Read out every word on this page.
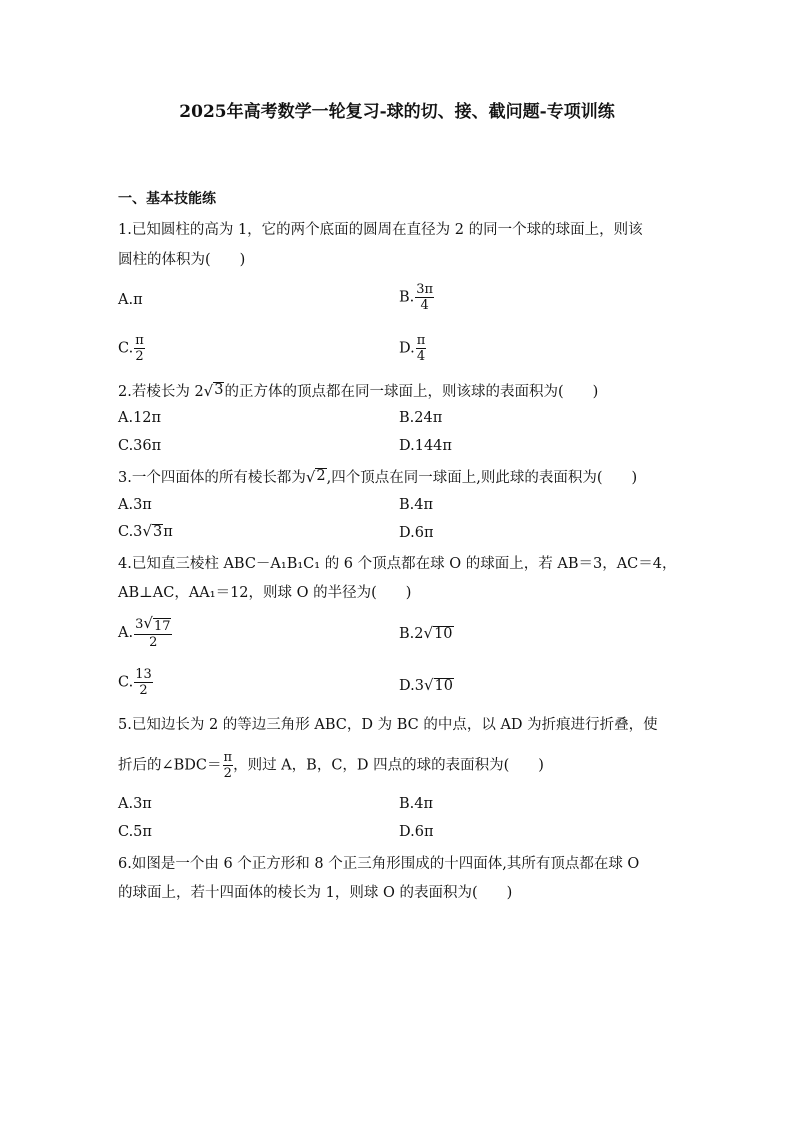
2025年高考数学一轮复习-球的切、接、截问题-专项训练
一、基本技能练
1.已知圆柱的高为 1，它的两个底面的圆周在直径为 2 的同一个球的球面上，则该
圆柱的体积为(　　)
A.π	B. $\frac{3\pi}{4}$
C. $\frac{\pi}{2}$	D. $\frac{\pi}{4}$
2.若棱长为 2 √ 3 的正方体的顶点都在同一球面上，则该球的表面积为(　　)
A.12π	B.24π
C.36π	D.144π
3.一个四面体的所有棱长都为 √ 2 ,四个顶点在同一球面上,则此球的表面积为(　　)
A.3π	B.4π
C.3 √ 3 π	D.6π
4.已知直三棱柱 ABC－A₁B₁C₁ 的 6 个顶点都在球 O 的球面上，若 AB＝3，AC＝4，
AB⊥AC，AA₁＝12，则球 O 的半径为(　　)
A. $\frac{3 √ 17}{2}$	B.2 √ 10
C. $\frac{13}{2}$	D.3 √ 10
5.已知边长为 2 的等边三角形 ABC，D 为 BC 的中点，以 AD 为折痕进行折叠，使
折后的∠BDC＝ $\frac{\pi}{2}$ ，则过 A，B，C，D 四点的球的表面积为(　　)
A.3π	B.4π
C.5π	D.6π
6.如图是一个由 6 个正方形和 8 个正三角形围成的十四面体,其所有顶点都在球 O
的球面上，若十四面体的棱长为 1，则球 O 的表面积为(　　)
